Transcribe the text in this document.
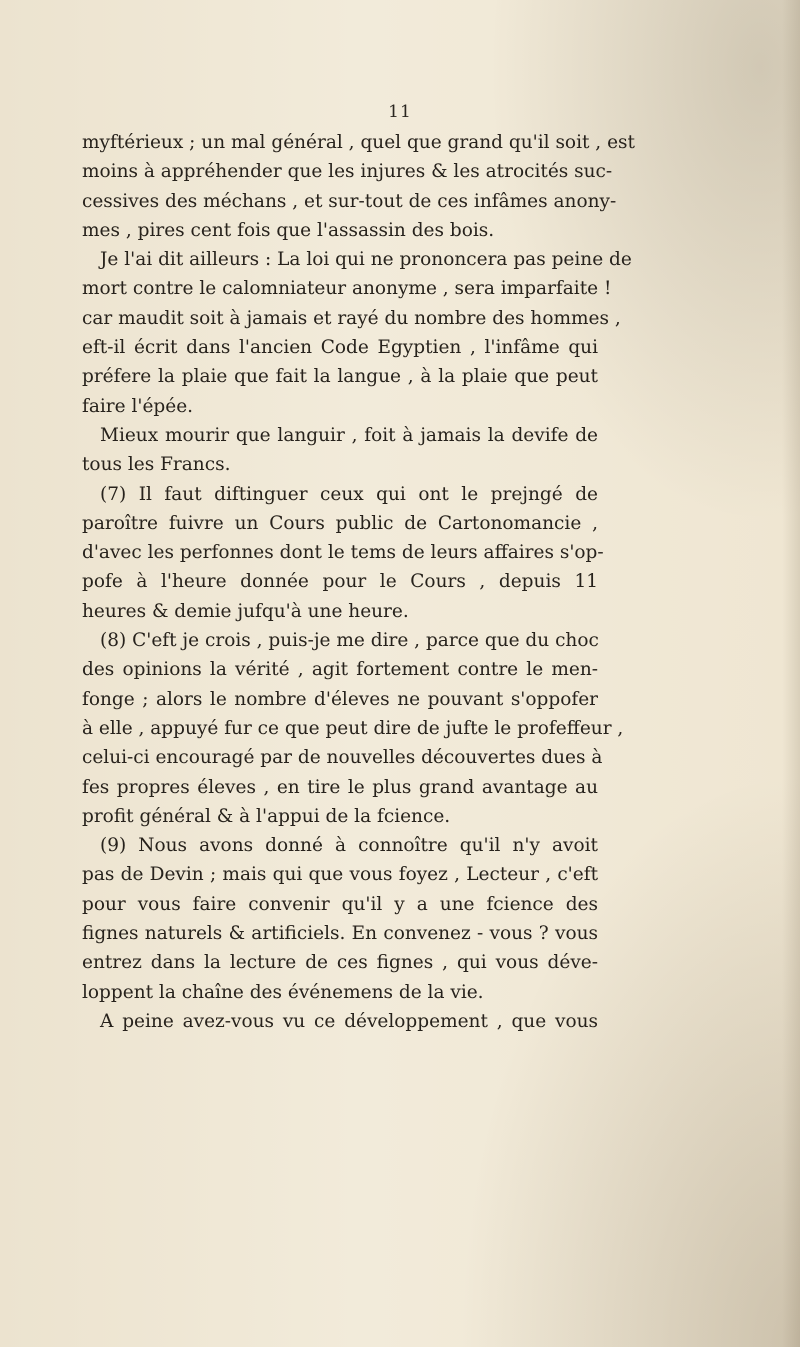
11
myftérieux ; un mal général , quel que grand qu'il soit , est
moins à appréhender que les injures & les atrocités suc-
cessives des méchans , et sur-tout de ces infâmes anony-
mes , pires cent fois que l'assassin des bois.
Je l'ai dit ailleurs : La loi qui ne prononcera pas peine de
mort contre le calomniateur anonyme , sera imparfaite !
car maudit soit à jamais et rayé du nombre des hommes ,
eft-il écrit dans l'ancien Code Egyptien , l'infâme qui
préfere la plaie que fait la langue , à la plaie que peut
faire l'épée.
Mieux mourir que languir , foit à jamais la devife de
tous les Francs.
(7) Il faut diftinguer ceux qui ont le prejngé de
paroître fuivre un Cours public de Cartonomancie ,
d'avec les perfonnes dont le tems de leurs affaires s'op-
pofe à l'heure donnée pour le Cours , depuis 11
heures & demie jufqu'à une heure.
(8) C'eft je crois , puis-je me dire , parce que du choc
des opinions la vérité , agit fortement contre le men-
fonge ; alors le nombre d'éleves ne pouvant s'oppofer
à elle , appuyé fur ce que peut dire de jufte le profeffeur ,
celui-ci encouragé par de nouvelles découvertes dues à
fes propres éleves , en tire le plus grand avantage au
profit général & à l'appui de la fcience.
(9) Nous avons donné à connoître qu'il n'y avoit
pas de Devin ; mais qui que vous foyez , Lecteur , c'eft
pour vous faire convenir qu'il y a une fcience des
fignes naturels & artificiels. En convenez - vous ? vous
entrez dans la lecture de ces fignes , qui vous déve-
loppent la chaîne des événemens de la vie.
A peine avez-vous vu ce développement , que vous
